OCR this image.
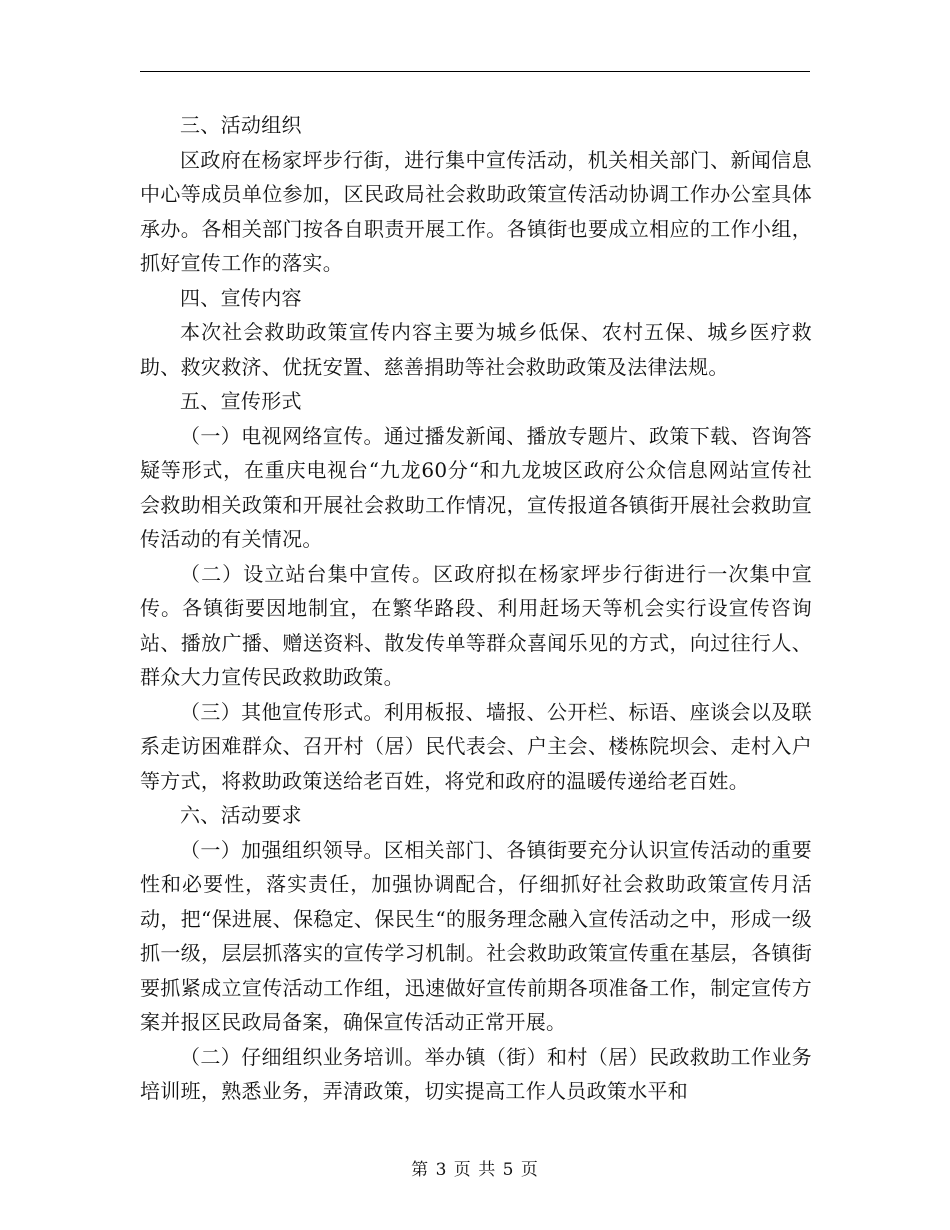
三、活动组织

区政府在杨家坪步行街，进行集中宣传活动，机关相关部门、新闻信息中心等成员单位参加，区民政局社会救助政策宣传活动协调工作办公室具体承办。各相关部门按各自职责开展工作。各镇街也要成立相应的工作小组，抓好宣传工作的落实。

四、宣传内容

本次社会救助政策宣传内容主要为城乡低保、农村五保、城乡医疗救助、救灾救济、优抚安置、慈善捐助等社会救助政策及法律法规。

五、宣传形式

（一）电视网络宣传。通过播发新闻、播放专题片、政策下载、咨询答疑等形式，在重庆电视台“九龙60分“和九龙坡区政府公众信息网站宣传社会救助相关政策和开展社会救助工作情况，宣传报道各镇街开展社会救助宣传活动的有关情况。

（二）设立站台集中宣传。区政府拟在杨家坪步行街进行一次集中宣传。各镇街要因地制宜，在繁华路段、利用赶场天等机会实行设宣传咨询站、播放广播、赠送资料、散发传单等群众喜闻乐见的方式，向过往行人、群众大力宣传民政救助政策。

（三）其他宣传形式。利用板报、墙报、公开栏、标语、座谈会以及联系走访困难群众、召开村（居）民代表会、户主会、楼栋院坝会、走村入户等方式，将救助政策送给老百姓，将党和政府的温暖传递给老百姓。

六、活动要求

（一）加强组织领导。区相关部门、各镇街要充分认识宣传活动的重要性和必要性，落实责任，加强协调配合，仔细抓好社会救助政策宣传月活动，把“保进展、保稳定、保民生“的服务理念融入宣传活动之中，形成一级抓一级，层层抓落实的宣传学习机制。社会救助政策宣传重在基层，各镇街要抓紧成立宣传活动工作组，迅速做好宣传前期各项准备工作，制定宣传方案并报区民政局备案，确保宣传活动正常开展。

（二）仔细组织业务培训。举办镇（街）和村（居）民政救助工作业务培训班，熟悉业务，弄清政策，切实提高工作人员政策水平和

第 3 页 共 5 页
